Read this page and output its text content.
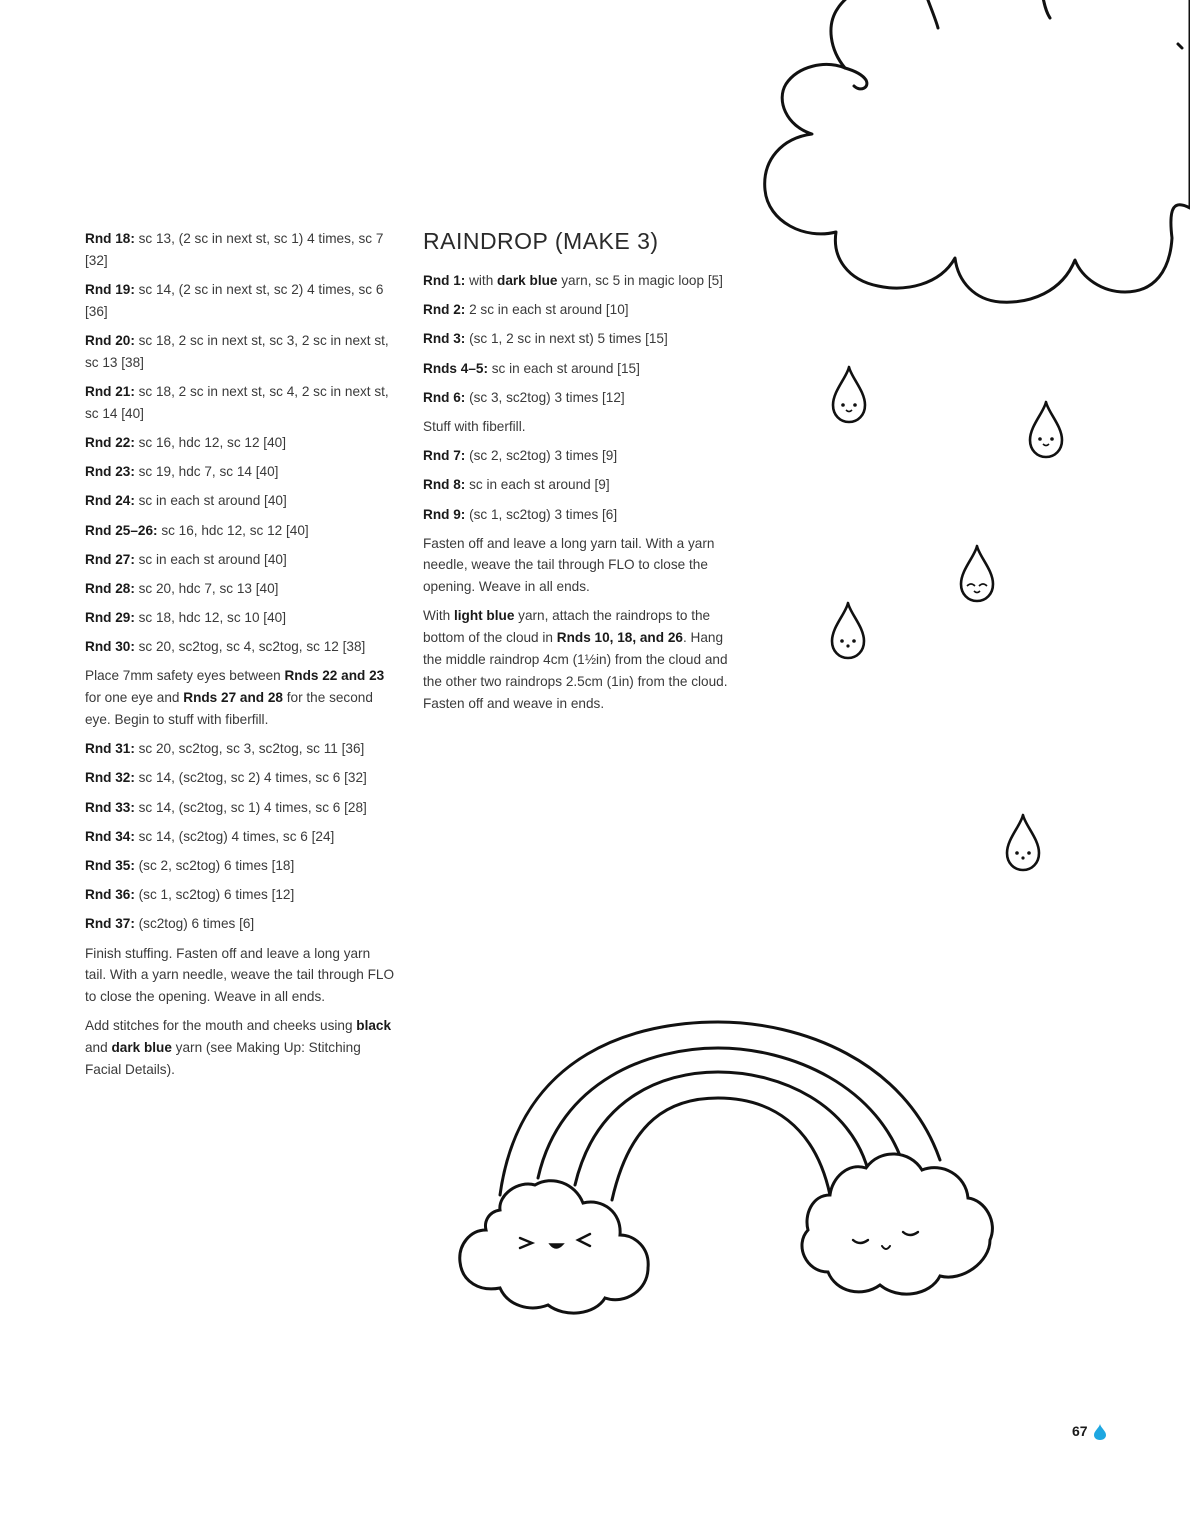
Rnd 18: sc 13, (2 sc in next st, sc 1) 4 times, sc 7 [32]

Rnd 19: sc 14, (2 sc in next st, sc 2) 4 times, sc 6 [36]

Rnd 20: sc 18, 2 sc in next st, sc 3, 2 sc in next st, sc 13 [38]

Rnd 21: sc 18, 2 sc in next st, sc 4, 2 sc in next st, sc 14 [40]

Rnd 22: sc 16, hdc 12, sc 12 [40]

Rnd 23: sc 19, hdc 7, sc 14 [40]

Rnd 24: sc in each st around [40]

Rnd 25–26: sc 16, hdc 12, sc 12 [40]

Rnd 27: sc in each st around [40]

Rnd 28: sc 20, hdc 7, sc 13 [40]

Rnd 29: sc 18, hdc 12, sc 10 [40]

Rnd 30: sc 20, sc2tog, sc 4, sc2tog, sc 12 [38]

Place 7mm safety eyes between Rnds 22 and 23 for one eye and Rnds 27 and 28 for the second eye. Begin to stuff with fiberfill.

Rnd 31: sc 20, sc2tog, sc 3, sc2tog, sc 11 [36]

Rnd 32: sc 14, (sc2tog, sc 2) 4 times, sc 6 [32]

Rnd 33: sc 14, (sc2tog, sc 1) 4 times, sc 6 [28]

Rnd 34: sc 14, (sc2tog) 4 times, sc 6 [24]

Rnd 35: (sc 2, sc2tog) 6 times [18]

Rnd 36: (sc 1, sc2tog) 6 times [12]

Rnd 37: (sc2tog) 6 times [6]

Finish stuffing. Fasten off and leave a long yarn tail. With a yarn needle, weave the tail through FLO to close the opening. Weave in all ends.

Add stitches for the mouth and cheeks using black and dark blue yarn (see Making Up: Stitching Facial Details).

RAINDROP (MAKE 3)

Rnd 1: with dark blue yarn, sc 5 in magic loop [5]

Rnd 2: 2 sc in each st around [10]

Rnd 3: (sc 1, 2 sc in next st) 5 times [15]

Rnds 4–5: sc in each st around [15]

Rnd 6: (sc 3, sc2tog) 3 times [12]

Stuff with fiberfill.

Rnd 7: (sc 2, sc2tog) 3 times [9]

Rnd 8: sc in each st around [9]

Rnd 9: (sc 1, sc2tog) 3 times [6]

Fasten off and leave a long yarn tail. With a yarn needle, weave the tail through FLO to close the opening. Weave in all ends.

With light blue yarn, attach the raindrops to the bottom of the cloud in Rnds 10, 18, and 26. Hang the middle raindrop 4cm (1½in) from the cloud and the other two raindrops 2.5cm (1in) from the cloud. Fasten off and weave in ends.

67
